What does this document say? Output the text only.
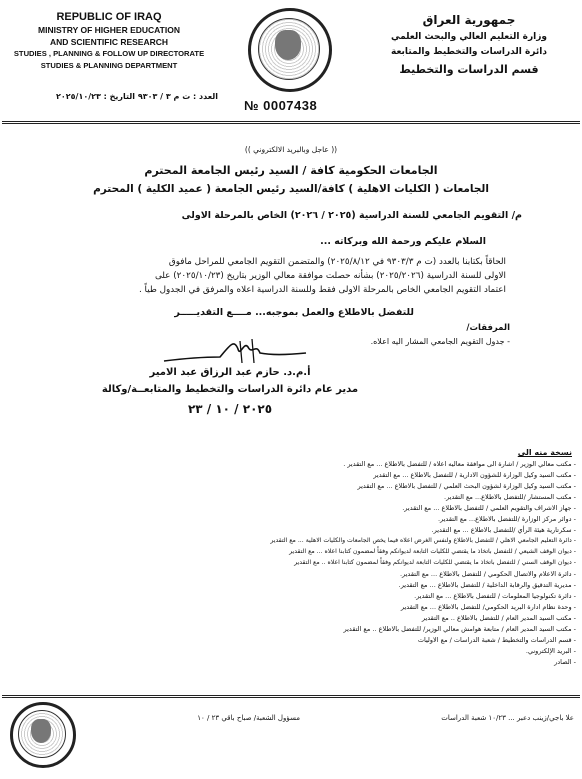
REPUBLIC OF IRAQ
MINISTRY OF HIGHER EDUCATION
AND SCIENTIFIC RESEARCH
STUDIES , PLANNING & FOLLOW UP DIRECTORATE
STUDIES & PLANNING DEPARTMENT
جمهورية العراق
وزارة التعليم العالي والبحث العلمي
دائرة الدراسات والتخطيط والمتابعة
قسم الدراسات والتخطيط
العدد : ت م ٣ / ٩٣٠٣ التاريخ : ٢٠٢٥/١٠/٢٣
№ 0007438
(( عاجل وبالبريد الالكتروني ))
الجامعات الحكومية كافة / السيد رئيس الجامعة المحترم
الجامعات ( الكليات الاهلية ) كافة/السيد رئيس الجامعة ( عميد الكلية ) المحترم
م/ التقويم الجامعي للسنة الدراسية (٢٠٢٥ / ٢٠٢٦) الخاص بالمرحلة الاولى
السلام عليكم ورحمة الله وبركاته ...
الحاقاً بكتابنا بالعدد (ت م ٩٣٠٣/٣ في ٢٠٢٥/٨/١٢) والمتضمن التقويم الجامعي للمراحل مافوق
الاولى للسنة الدراسية (٢٠٢٥/٢٠٢٦) بشأنه حصلت موافقة معالي الوزير بتاريخ (٢٠٢٥/١٠/٢٣) على
اعتماد التقويم الجامعي الخاص بالمرحلة الاولى فقط وللسنة الدراسية اعلاه والمرفق في الجدول طياً .
للتفضل بالاطلاع والعمل بموجبه... مــــع التقديـــــر
المرفقات/
- جدول التقويم الجامعي المشار اليه اعلاه.
أ.م.د. حازم عبد الرزاق عبد الامير
مدير عام دائرة الدراسات والتخطيط والمتابعــة/وكالة
٢٠٢٥ / ١٠ / ٢٣
نسخة منه الى
- مكتب معالي الوزير / اشارة الى موافقة معاليه اعلاه / للتفضل بالاطلاع ... مع التقدير .
- مكتب السيد وكيل الوزارة للشؤون الادارية / للتفضل بالاطلاع ... مع التقدير
- مكتب السيد وكيل الوزارة لشؤون البحث العلمي / للتفضل بالاطلاع ... مع التقدير
- مكتب المستشار /للتفضل بالاطلاع... مع التقدير.
- جهاز الاشراف والتقويم العلمي / للتفضل بالاطلاع ... مع التقدير.
- دوائر مركز الوزارة /للتفضل بالاطلاع... مع التقدير.
- سكرتارية هيئة الرأي /للتفضل بالاطلاع ... مع التقدير.
- دائرة التعليم الجامعي الاهلي / للتفضل بالاطلاع ولنفس الغرض اعلاه فيما يخص الجامعات والكليات الاهلية ... مع التقدير
- ديوان الوقف الشيعي / للتفضل باتخاذ ما يقتضي للكليات التابعة لديوانكم وفقاً لمضمون كتابنا اعلاه ... مع التقدير
- ديوان الوقف السني / للتفضل باتخاذ ما يقتضي للكليات التابعة لديوانكم وفقاً لمضمون كتابنا اعلاه .. مع التقدير
- دائرة الاعلام والاتصال الحكومي / للتفضل بالاطلاع ... مع التقدير.
- مديرية التدقيق والرقابة الداخلية / للتفضل بالاطلاع ... مع التقدير.
- دائرة تكنولوجيا المعلومات / للتفضل بالاطلاع ... مع التقدير.
- وحدة نظام ادارة البريد الحكومي/ للتفضل بالاطلاع ... مع التقدير
- مكتب السيد المدير العام / للتفضل بالاطلاع .. مع التقدير
- مكتب السيد المدير العام / متابعة هوامش معالي الوزير/ للتفضل بالاطلاع .. مع التقدير
- قسم الدراسات والتخطيط / شعبة الدراسات / مع الاوليات
- البريد الإلكتروني.
- الصادر
مسؤول الشعبة/ صباح باقي ٢٣ / ١٠	علا باجي/زينب دعبر ... ١٠/٢٣ شعبة الدراسات
